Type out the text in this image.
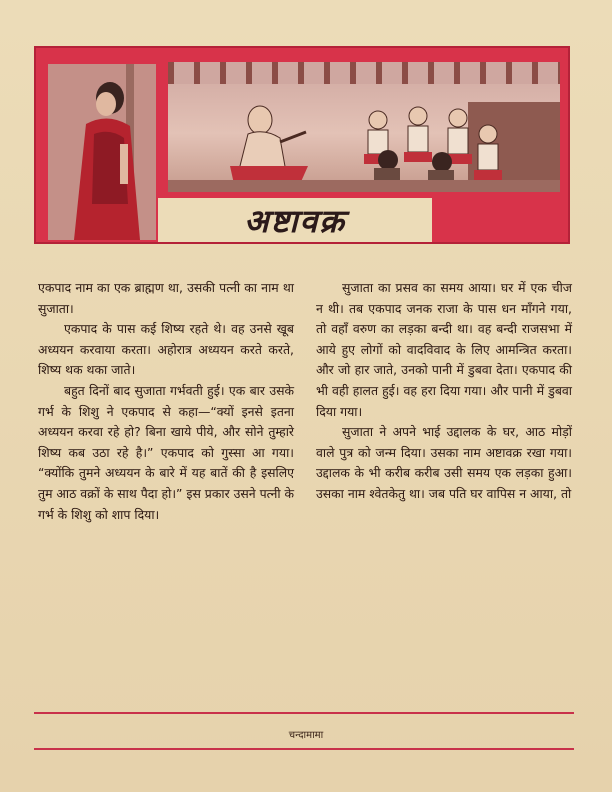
अष्टावक्र

एकपाद नाम का एक ब्राह्मण था, उसकी पत्नी का नाम था सुजाता।

एकपाद के पास कई शिष्य रहते थे। वह उनसे खूब अध्ययन करवाया करता। अहोरात्र अध्ययन करते करते, शिष्य थक थका जाते।

बहुत दिनों बाद सुजाता गर्भवती हुई। एक बार उसके गर्भ के शिशु ने एकपाद से कहा—“क्यों इनसे इतना अध्ययन करवा रहे हो? बिना खाये पीये, और सोने तुम्हारे शिष्य कब उठा रहे है।” एकपाद को गुस्सा आ गया। “क्योंकि तुमने अध्ययन के बारे में यह बातें की है इसलिए तुम आठ वक्रों के साथ पैदा हो।” इस प्रकार उसने पत्नी के गर्भ के शिशु को शाप दिया।

सुजाता का प्रसव का समय आया। घर में एक चीज न थी। तब एकपाद जनक राजा के पास धन माँगने गया, तो वहाँ वरुण का लड़का बन्दी था। वह बन्दी राजसभा में आये हुए लोगों को वादविवाद के लिए आमन्त्रित करता। और जो हार जाते, उनको पानी में डुबवा देता। एकपाद की भी वही हालत हुई। वह हरा दिया गया। और पानी में डुबवा दिया गया।

सुजाता ने अपने भाई उद्दालक के घर, आठ मोड़ों वाले पुत्र को जन्म दिया। उसका नाम अष्टावक्र रखा गया। उद्दालक के भी करीब करीब उसी समय एक लड़का हुआ। उसका नाम श्वेतकेतु था। जब पति घर वापिस न आया, तो

चन्दामामा
